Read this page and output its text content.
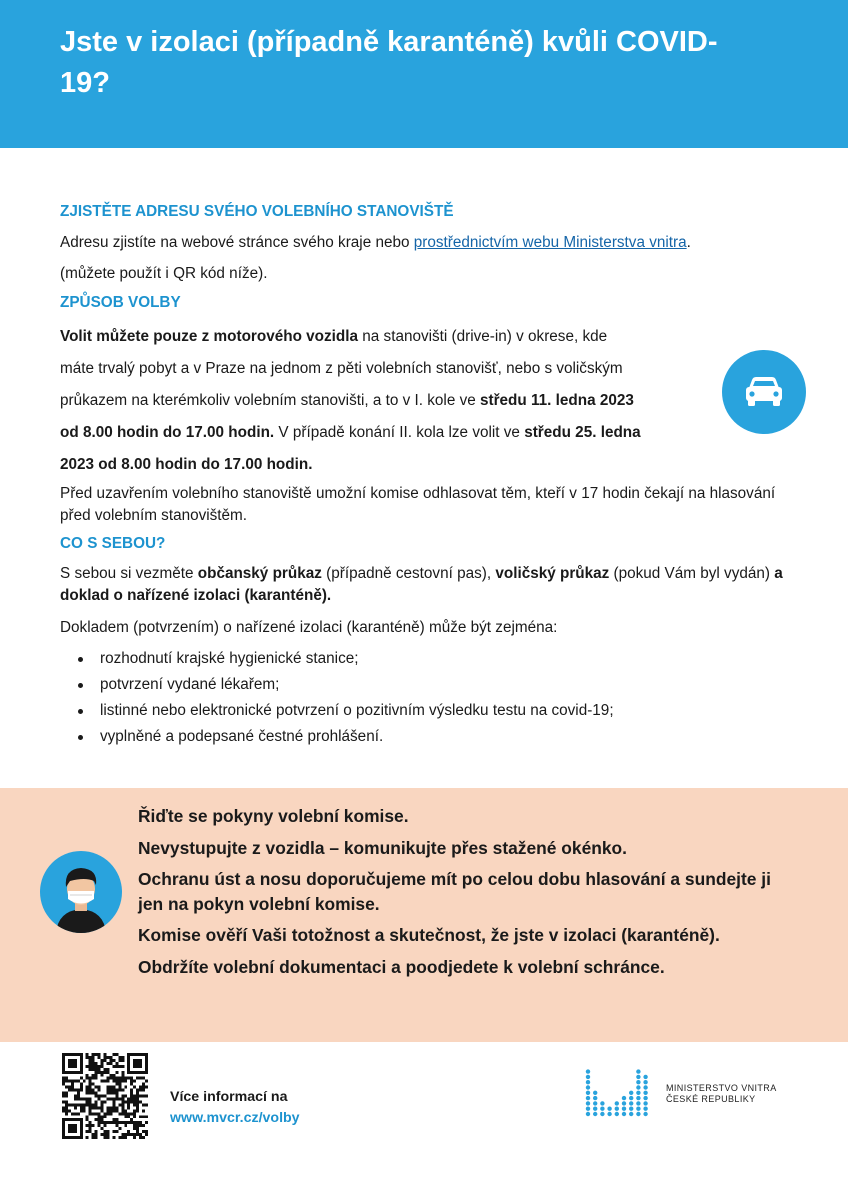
Jste v izolaci (případně karanténě) kvůli COVID-19?

ZJISTĚTE ADRESU SVÉHO VOLEBNÍHO STANOVIŠTĚ

Adresu zjistíte na webové stránce svého kraje nebo prostřednictvím webu Ministerstva vnitra.

(můžete použít i QR kód níže).

ZPŮSOB VOLBY

Volit můžete pouze z motorového vozidla na stanovišti (drive-in) v okrese, kde

máte trvalý pobyt a v Praze na jednom z pěti volebních stanovišť, nebo s voličským

průkazem na kterémkoliv volebním stanovišti, a to v I. kole ve středu 11. ledna 2023

od 8.00 hodin do 17.00 hodin. V případě konání II. kola lze volit ve středu 25. ledna

2023 od 8.00 hodin do 17.00 hodin.

Před uzavřením volebního stanoviště umožní komise odhlasovat těm, kteří v 17 hodin čekají na hlasování před volebním stanovištěm.

CO S SEBOU?

S sebou si vezměte občanský průkaz (případně cestovní pas), voličský průkaz (pokud Vám byl vydán) a doklad o nařízené izolaci (karanténě).

Dokladem (potvrzením) o nařízené izolaci (karanténě) může být zejména:

rozhodnutí krajské hygienické stanice;
potvrzení vydané lékařem;
listinné nebo elektronické potvrzení o pozitivním výsledku testu na covid-19;
vyplněné a podepsané čestné prohlášení.

Řiďte se pokyny volební komise.

Nevystupujte z vozidla – komunikujte přes stažené okénko.

Ochranu úst a nosu doporučujeme mít po celou dobu hlasování a sundejte ji jen na pokyn volební komise.

Komise ověří Vaši totožnost a skutečnost, že jste v izolaci (karanténě).

Obdržíte volební dokumentaci a poodjedete k volební schránce.

Více informací na
www.mvcr.cz/volby
MINISTERSTVO VNITRA
ČESKÉ REPUBLIKY
